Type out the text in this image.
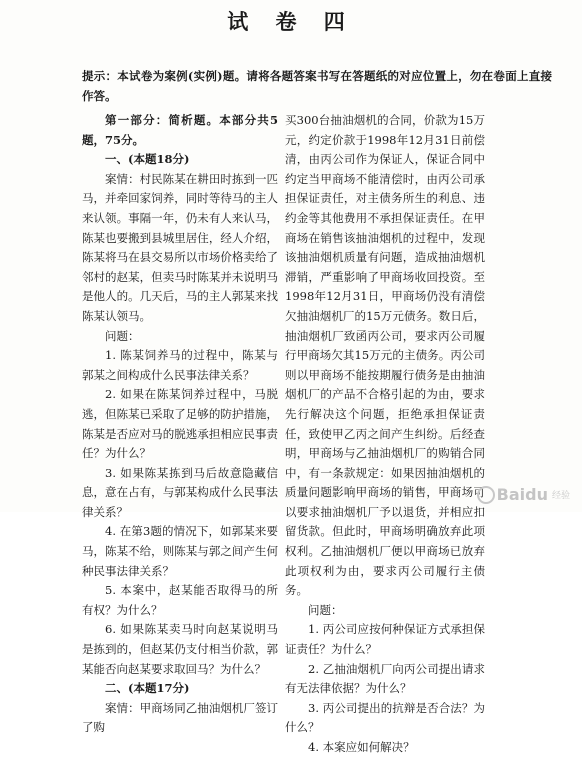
试 卷 四
提示：本试卷为案例(实例)题。请将各题答案书写在答题纸的对应位置上，勿在卷面上直接作答。

第一部分：简析题。本部分共5题，75分。

一、(本题18分)

案情：村民陈某在耕田时拣到一匹马，并牵回家饲养，同时等待马的主人来认领。事隔一年，仍未有人来认马，陈某也要搬到县城里居住，经人介绍，陈某将马在县交易所以市场价格卖给了邻村的赵某，但卖马时陈某并未说明马是他人的。几天后，马的主人郭某来找陈某认领马。

问题：

1. 陈某饲养马的过程中，陈某与郭某之间构成什么民事法律关系？

2. 如果在陈某饲养过程中，马脱逃，但陈某已采取了足够的防护措施，陈某是否应对马的脱逃承担相应民事责任？为什么？

3. 如果陈某拣到马后故意隐藏信息，意在占有，与郭某构成什么民事法律关系？

4. 在第3题的情况下，如郭某来要马，陈某不给，则陈某与郭之间产生何种民事法律关系？

5. 本案中，赵某能否取得马的所有权？为什么？

6. 如果陈某卖马时向赵某说明马是拣到的，但赵某仍支付相当价款，郭某能否向赵某要求取回马？为什么？

二、(本题17分)

案情：甲商场同乙抽油烟机厂签订了购

买300台抽油烟机的合同，价款为15万元，约定价款于1998年12月31日前偿清，由丙公司作为保证人，保证合同中约定当甲商场不能清偿时，由丙公司承担保证责任，对主债务所生的利息、违约金等其他费用不承担保证责任。在甲商场在销售该抽油烟机的过程中，发现该抽油烟机质量有问题，造成抽油烟机滞销，严重影响了甲商场收回投资。至1998年12月31日，甲商场仍没有清偿欠抽油烟机厂的15万元债务。数日后，抽油烟机厂致函丙公司，要求丙公司履行甲商场欠其15万元的主债务。丙公司则以甲商场不能按期履行债务是由抽油烟机厂的产品不合格引起的为由，要求先行解决这个问题，拒绝承担保证责任，致使甲乙丙之间产生纠纷。后经查明，甲商场与乙抽油烟机厂的购销合同中，有一条款规定：如果因抽油烟机的质量问题影响甲商场的销售，甲商场可以要求抽油烟机厂予以退货，并相应扣留货款。但此时，甲商场明确放弃此项权利。乙抽油烟机厂便以甲商场已放弃此项权利为由，要求丙公司履行主债务。

问题：

1. 丙公司应按何种保证方式承担保证责任？为什么？

2. 乙抽油烟机厂向丙公司提出请求有无法律依据？为什么？

3. 丙公司提出的抗辩是否合法？为什么？

4. 本案应如何解决？

Baidu 经验
